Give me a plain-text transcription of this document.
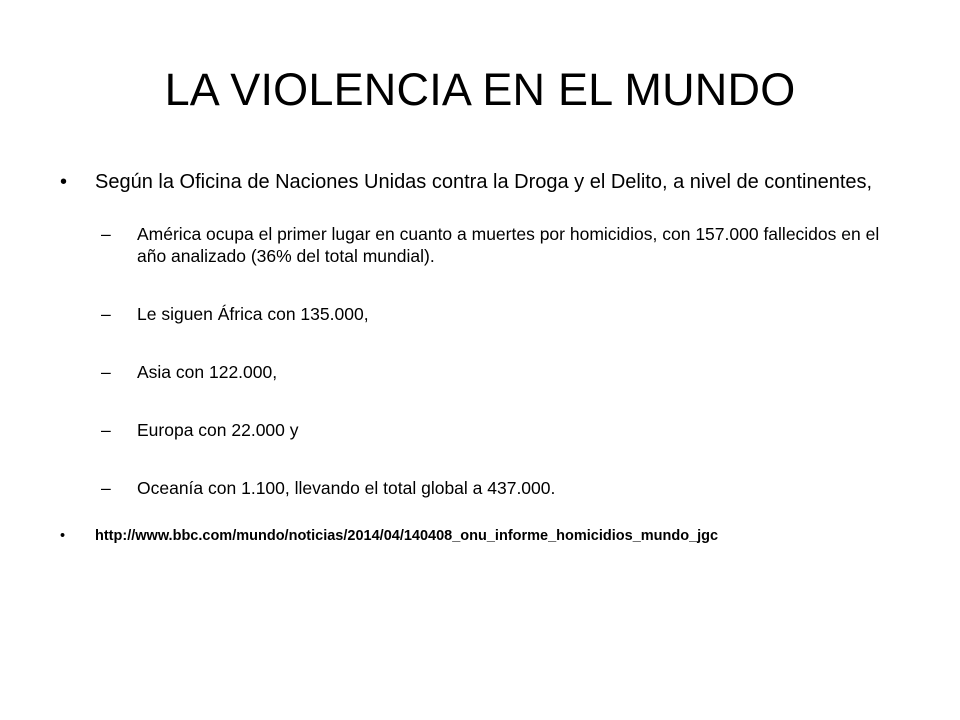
LA VIOLENCIA EN EL MUNDO
•	Según la Oficina de Naciones Unidas contra la Droga y el Delito, a nivel de continentes,
– América ocupa el primer lugar en cuanto a muertes por homicidios, con 157.000 fallecidos en el año analizado (36% del total mundial).
– Le siguen África con 135.000,
– Asia con 122.000,
– Europa con 22.000 y
– Oceanía con 1.100, llevando el total global a 437.000.
• http://www.bbc.com/mundo/noticias/2014/04/140408_onu_informe_homicidios_mundo_jgc
